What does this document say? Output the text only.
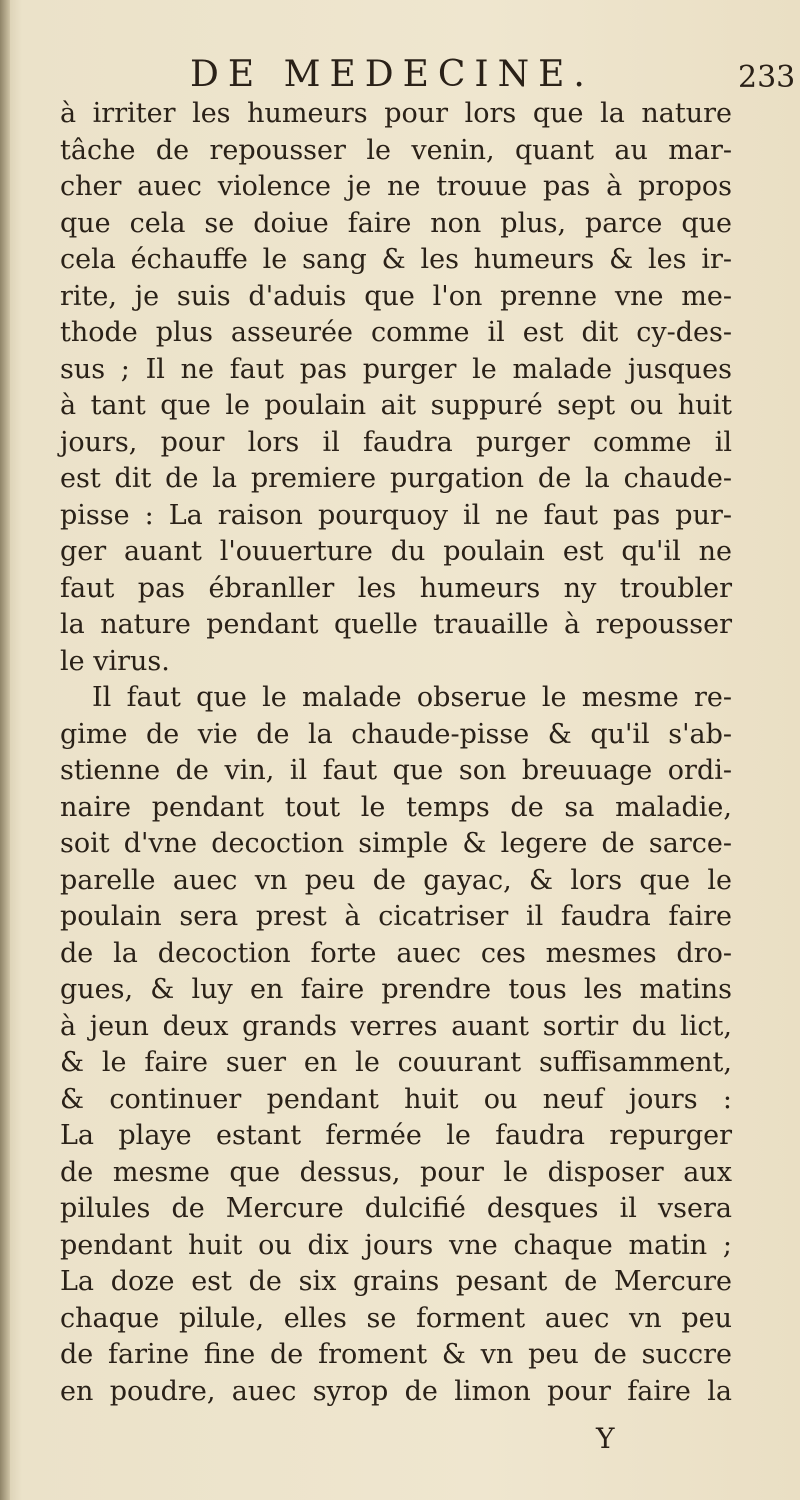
DE MEDECINE.	233
à irriter les humeurs pour lors que la nature
tâche de repousser le venin, quant au mar-
cher auec violence je ne trouue pas à propos
que cela se doiue faire non plus, parce que
cela échauffe le sang & les humeurs & les ir-
rite, je suis d'aduis que l'on prenne vne me-
thode plus asseurée comme il est dit cy-des-
sus ; Il ne faut pas purger le malade jusques
à tant que le poulain ait suppuré sept ou huit
jours, pour lors il faudra purger comme il
est dit de la premiere purgation de la chaude-
pisse : La raison pourquoy il ne faut pas pur-
ger auant l'ouuerture du poulain est qu'il ne
faut pas ébranller les humeurs ny troubler
la nature pendant quelle trauaille à repousser
le virus.
Il faut que le malade obserue le mesme re-
gime de vie de la chaude-pisse & qu'il s'ab-
stienne de vin, il faut que son breuuage ordi-
naire pendant tout le temps de sa maladie,
soit d'vne decoction simple & legere de sarce-
parelle auec vn peu de gayac, & lors que le
poulain sera prest à cicatriser il faudra faire
de la decoction forte auec ces mesmes dro-
gues, & luy en faire prendre tous les matins
à jeun deux grands verres auant sortir du lict,
& le faire suer en le couurant suffisamment,
& continuer pendant huit ou neuf jours :
La playe estant fermée le faudra repurger
de mesme que dessus, pour le disposer aux
pilules de Mercure dulcifié desques il vsera
pendant huit ou dix jours vne chaque matin ;
La doze est de six grains pesant de Mercure
chaque pilule, elles se forment auec vn peu
de farine fine de froment & vn peu de succre
en poudre, auec syrop de limon pour faire la
Y
